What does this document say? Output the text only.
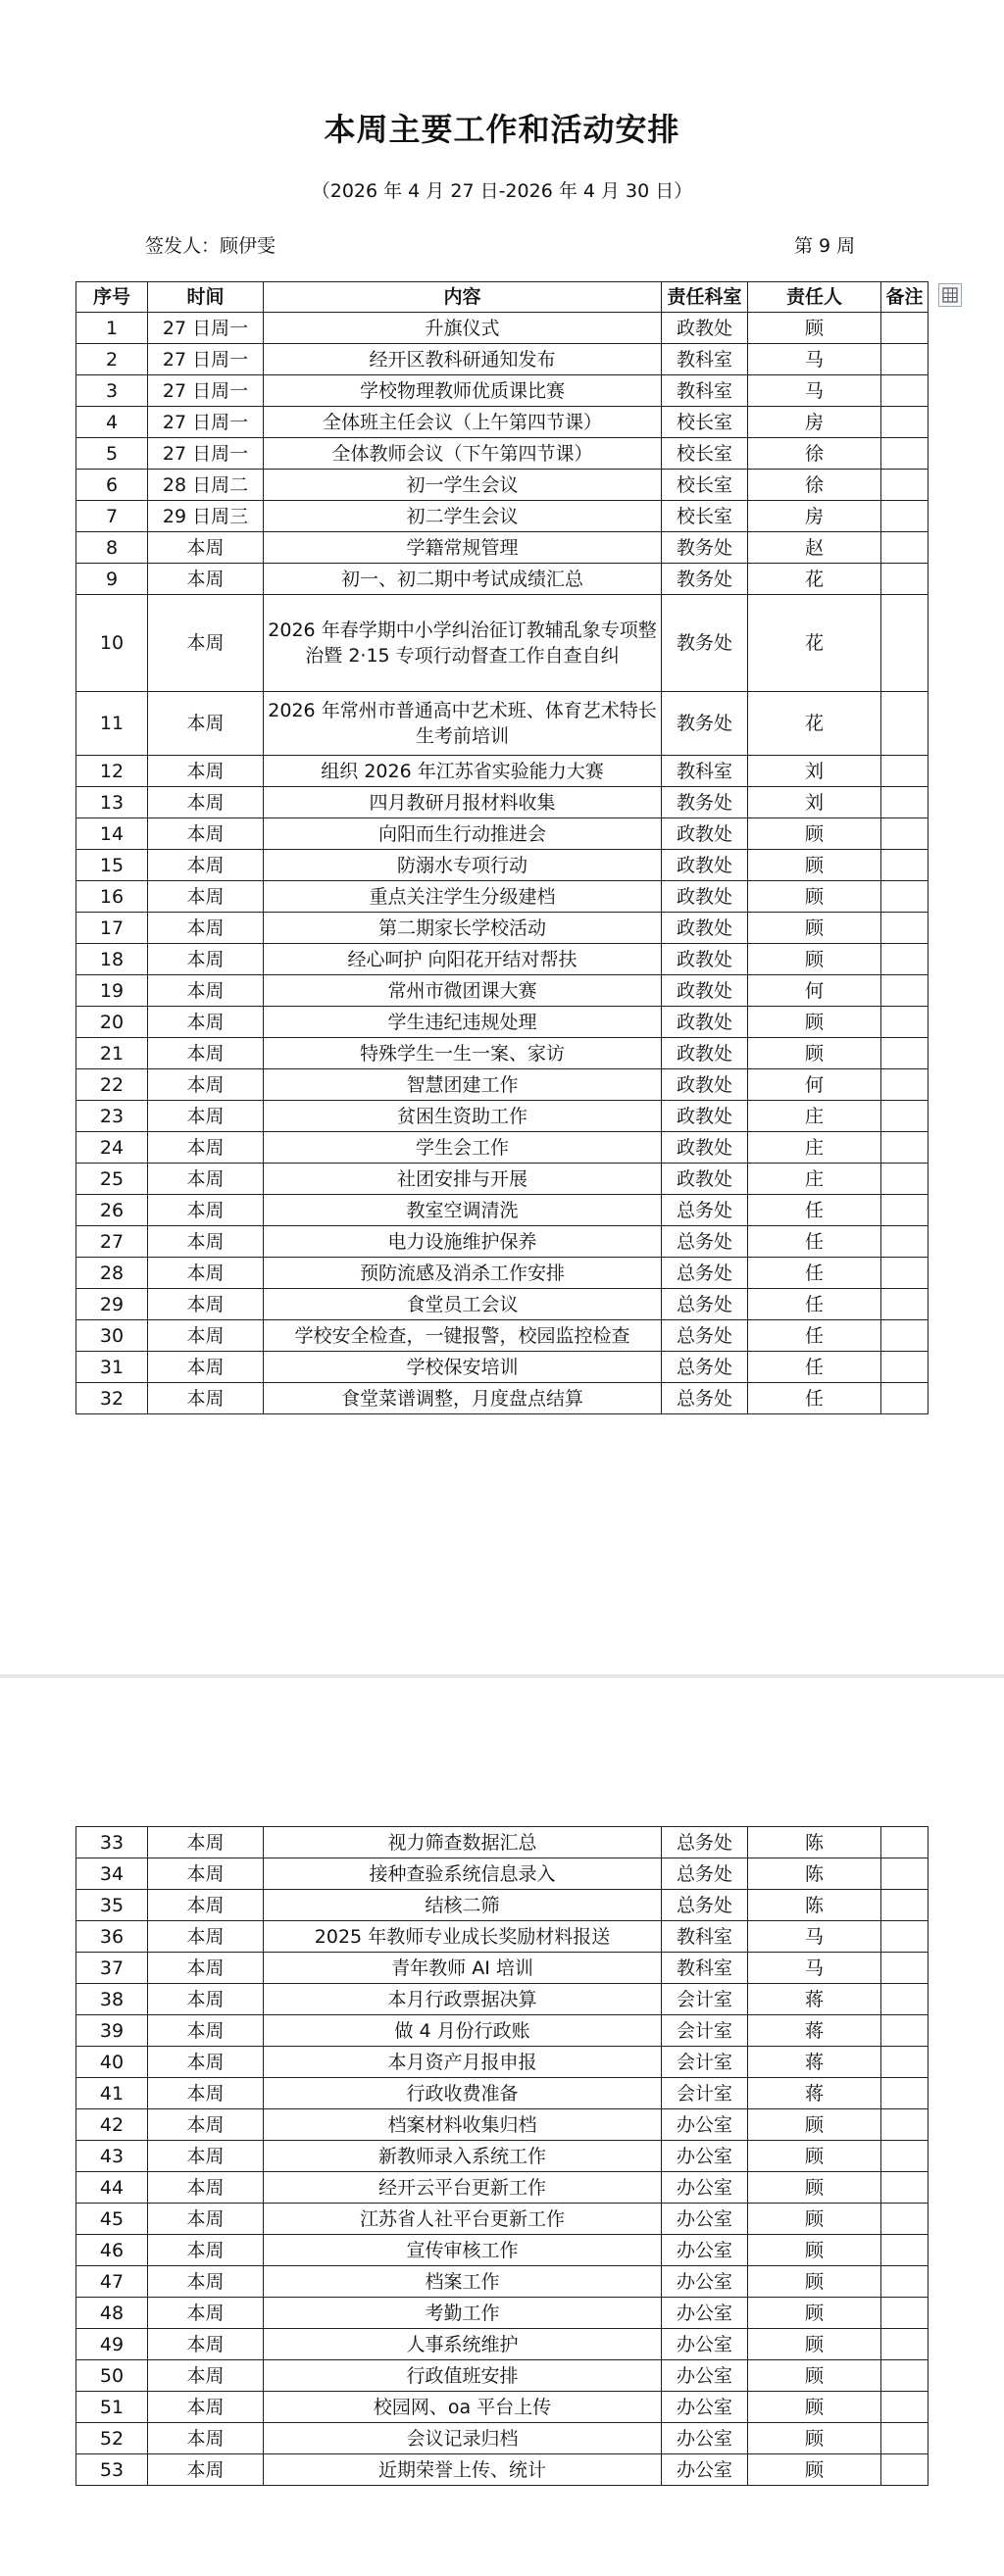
本周主要工作和活动安排
（2026 年 4 月 27 日-2026 年 4 月 30 日）
签发人：顾伊雯	第 9 周
序号	时间	内容	责任科室	责任人	备注
1	27 日周一	升旗仪式	政教处	顾	
2	27 日周一	经开区教科研通知发布	教科室	马	
3	27 日周一	学校物理教师优质课比赛	教科室	马	
4	27 日周一	全体班主任会议（上午第四节课）	校长室	房	
5	27 日周一	全体教师会议（下午第四节课）	校长室	徐	
6	28 日周二	初一学生会议	校长室	徐	
7	29 日周三	初二学生会议	校长室	房	
8	本周	学籍常规管理	教务处	赵	
9	本周	初一、初二期中考试成绩汇总	教务处	花	
10	本周	2026 年春学期中小学纠治征订教辅乱象专项整治暨 2·15 专项行动督查工作自查自纠	教务处	花	
11	本周	2026 年常州市普通高中艺术班、体育艺术特长生考前培训	教务处	花	
12	本周	组织 2026 年江苏省实验能力大赛	教科室	刘	
13	本周	四月教研月报材料收集	教务处	刘	
14	本周	向阳而生行动推进会	政教处	顾	
15	本周	防溺水专项行动	政教处	顾	
16	本周	重点关注学生分级建档	政教处	顾	
17	本周	第二期家长学校活动	政教处	顾	
18	本周	经心呵护 向阳花开结对帮扶	政教处	顾	
19	本周	常州市微团课大赛	政教处	何	
20	本周	学生违纪违规处理	政教处	顾	
21	本周	特殊学生一生一案、家访	政教处	顾	
22	本周	智慧团建工作	政教处	何	
23	本周	贫困生资助工作	政教处	庄	
24	本周	学生会工作	政教处	庄	
25	本周	社团安排与开展	政教处	庄	
26	本周	教室空调清洗	总务处	任	
27	本周	电力设施维护保养	总务处	任	
28	本周	预防流感及消杀工作安排	总务处	任	
29	本周	食堂员工会议	总务处	任	
30	本周	学校安全检查，一键报警，校园监控检查	总务处	任	
31	本周	学校保安培训	总务处	任	
32	本周	食堂菜谱调整，月度盘点结算	总务处	任	
33	本周	视力筛查数据汇总	总务处	陈	
34	本周	接种查验系统信息录入	总务处	陈	
35	本周	结核二筛	总务处	陈	
36	本周	2025 年教师专业成长奖励材料报送	教科室	马	
37	本周	青年教师 AI 培训	教科室	马	
38	本周	本月行政票据决算	会计室	蒋	
39	本周	做 4 月份行政账	会计室	蒋	
40	本周	本月资产月报申报	会计室	蒋	
41	本周	行政收费准备	会计室	蒋	
42	本周	档案材料收集归档	办公室	顾	
43	本周	新教师录入系统工作	办公室	顾	
44	本周	经开云平台更新工作	办公室	顾	
45	本周	江苏省人社平台更新工作	办公室	顾	
46	本周	宣传审核工作	办公室	顾	
47	本周	档案工作	办公室	顾	
48	本周	考勤工作	办公室	顾	
49	本周	人事系统维护	办公室	顾	
50	本周	行政值班安排	办公室	顾	
51	本周	校园网、oa 平台上传	办公室	顾	
52	本周	会议记录归档	办公室	顾	
53	本周	近期荣誉上传、统计	办公室	顾	
